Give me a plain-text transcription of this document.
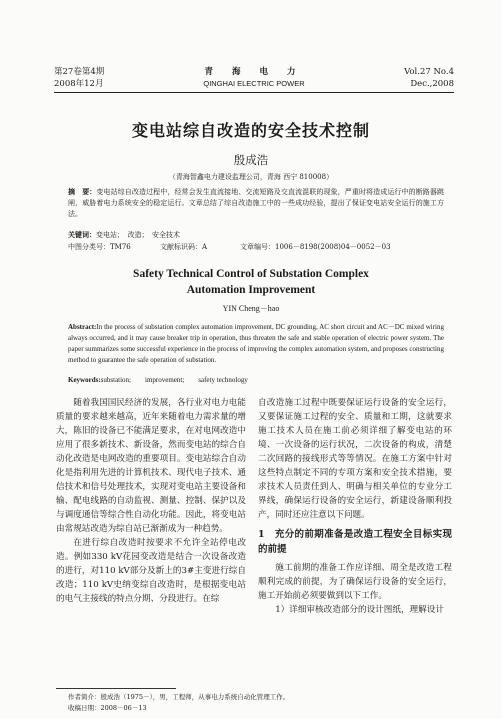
第27卷第4期
2008年12月
青 海 电 力
QINGHAI ELECTRIC POWER
Vol.27 No.4
Dec.,2008
变电站综自改造的安全技术控制
殷成浩
（青海智鑫电力建设监理公司，青海 西宁 810008）
摘　要：变电站综自改造过程中，经常会发生直流接地、交流短路及交直流混联的现象，严重时将造成运行中的断路器跳闸，威胁着电力系统安全的稳定运行。文章总结了综自改造施工中的一些成功经验，提出了保证变电站安全运行的施工方法。
关键词：变电站；　改造；　安全技术
中图分类号：TM76	文献标识码：A	文章编号：1006－8198(2008)04－0052－03
Safety Technical Control of Substation Complex
Automation Improvement
YIN Cheng－hao
Abstract:In the process of substation complex automation improvement, DC grounding, AC short circuit and AC－DC mixed wiring always occurred, and it may cause breaker trip in operation, thus threaten the safe and stable operation of electric power system. The paper summarizes some successful experience in the process of improving the complex automation system, and proposes constructing method to guarantee the safe operation of substation.
Keywords:substation;　　improvement;　　safety technology

随着我国国民经济的发展，各行业对电力电能质量的要求越来越高，近年来随着电力需求量的增大，陈旧的设备已不能满足要求，在对电网改造中应用了很多新技术、新设备，然而变电站的综合自动化改造是电网改造的重要项目。变电站综合自动化是指利用先进的计算机技术、现代电子技术、通信技术和信号处理技术，实现对变电站主要设备和输、配电线路的自动监视、测量、控制、保护以及与调度通信等综合性自动化功能。因此，将变电站由常规站改造为综自站已渐渐成为一种趋势。

在进行综自改造时按要求不允许全站停电改造。例如330 kV花园变改造是结合一次设备改造的进行，对110 kV部分及新上的3#主变进行综自改造；110 kV史纳变综自改造时，是根据变电站的电气主接线的特点分期、分段进行。在综

自改造施工过程中既要保证运行设备的安全运行，又要保证施工过程的安全、质量和工期，这就要求施工技术人员在施工前必须详细了解变电站的环境、一次设备的运行状况，二次设备的构成，清楚二次回路的接线形式等等情况。在施工方案中针对这些特点制定不同的专项方案和安全技术措施，要求技术人员责任到人、明确与相关单位的专业分工界线，确保运行设备的安全运行，新建设备顺利投产，同时还应注意以下问题。

1　充分的前期准备是改造工程安全目标实现的前提

施工前期的准备工作应详细、周全是改造工程顺利完成的前提，为了确保运行设备的安全运行，施工开始前必须要做到以下工作。

1）详细审核改造部分的设计图纸，理解设计

作者简介：殷成浩（1975－），男，工程师，从事电力系统自动化管理工作。
收稿日期：2008－06－13
